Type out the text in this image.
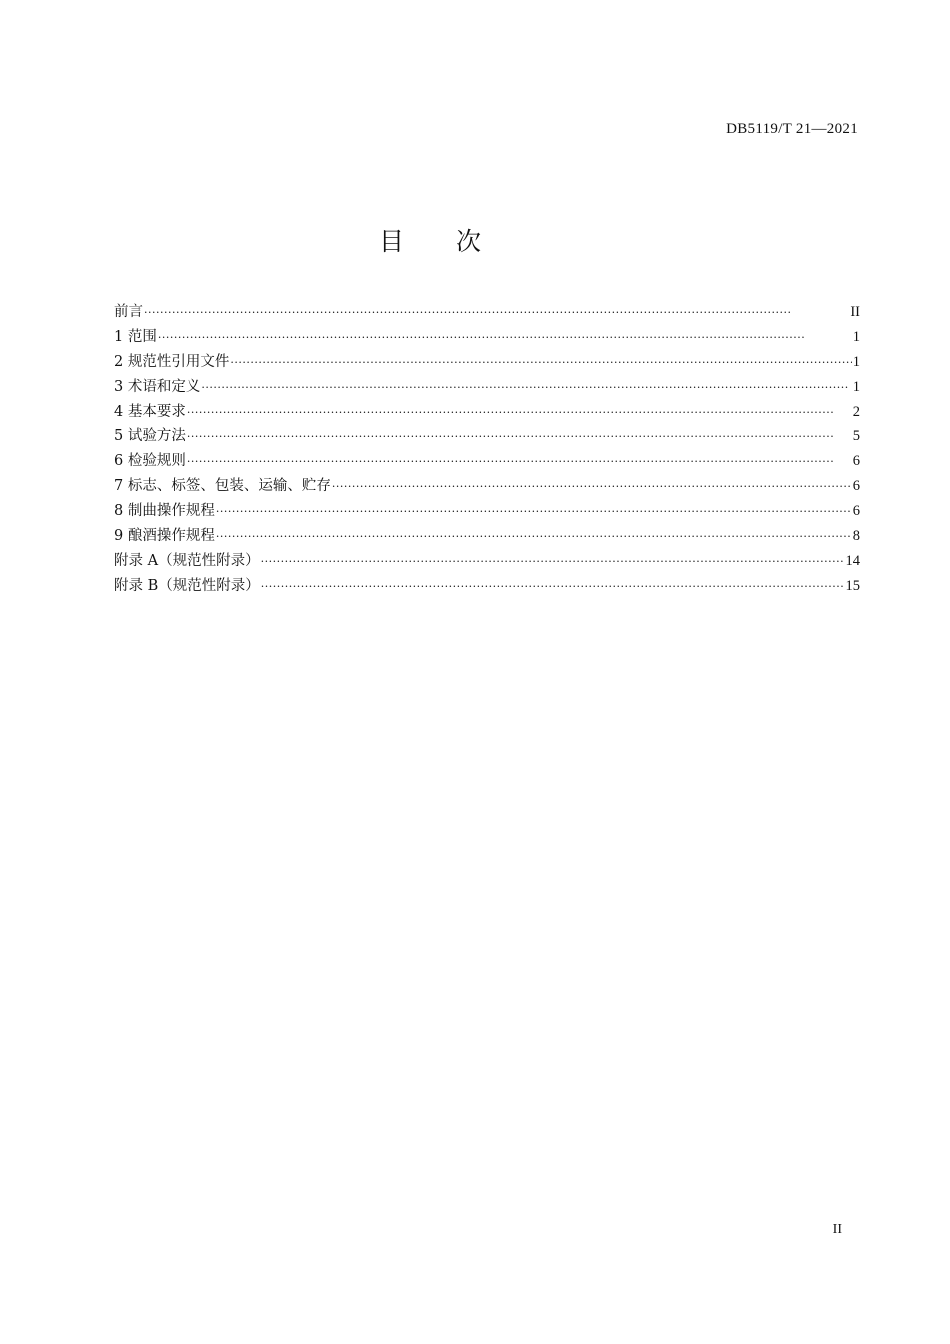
DB5119/T 21—2021
目 次
前言 ·····	II
1 范围 ·····	1
2 规范性引用文件 ·····	1
3 术语和定义 ·····	1
4 基本要求 ·····	2
5 试验方法 ·····	5
6 检验规则 ·····	6
7 标志、标签、包装、运输、贮存 ·····	6
8 制曲操作规程 ·····	6
9 酿酒操作规程 ·····	8
附录 A（规范性附录） ·····	14
附录 B（规范性附录） ·····	15
II
